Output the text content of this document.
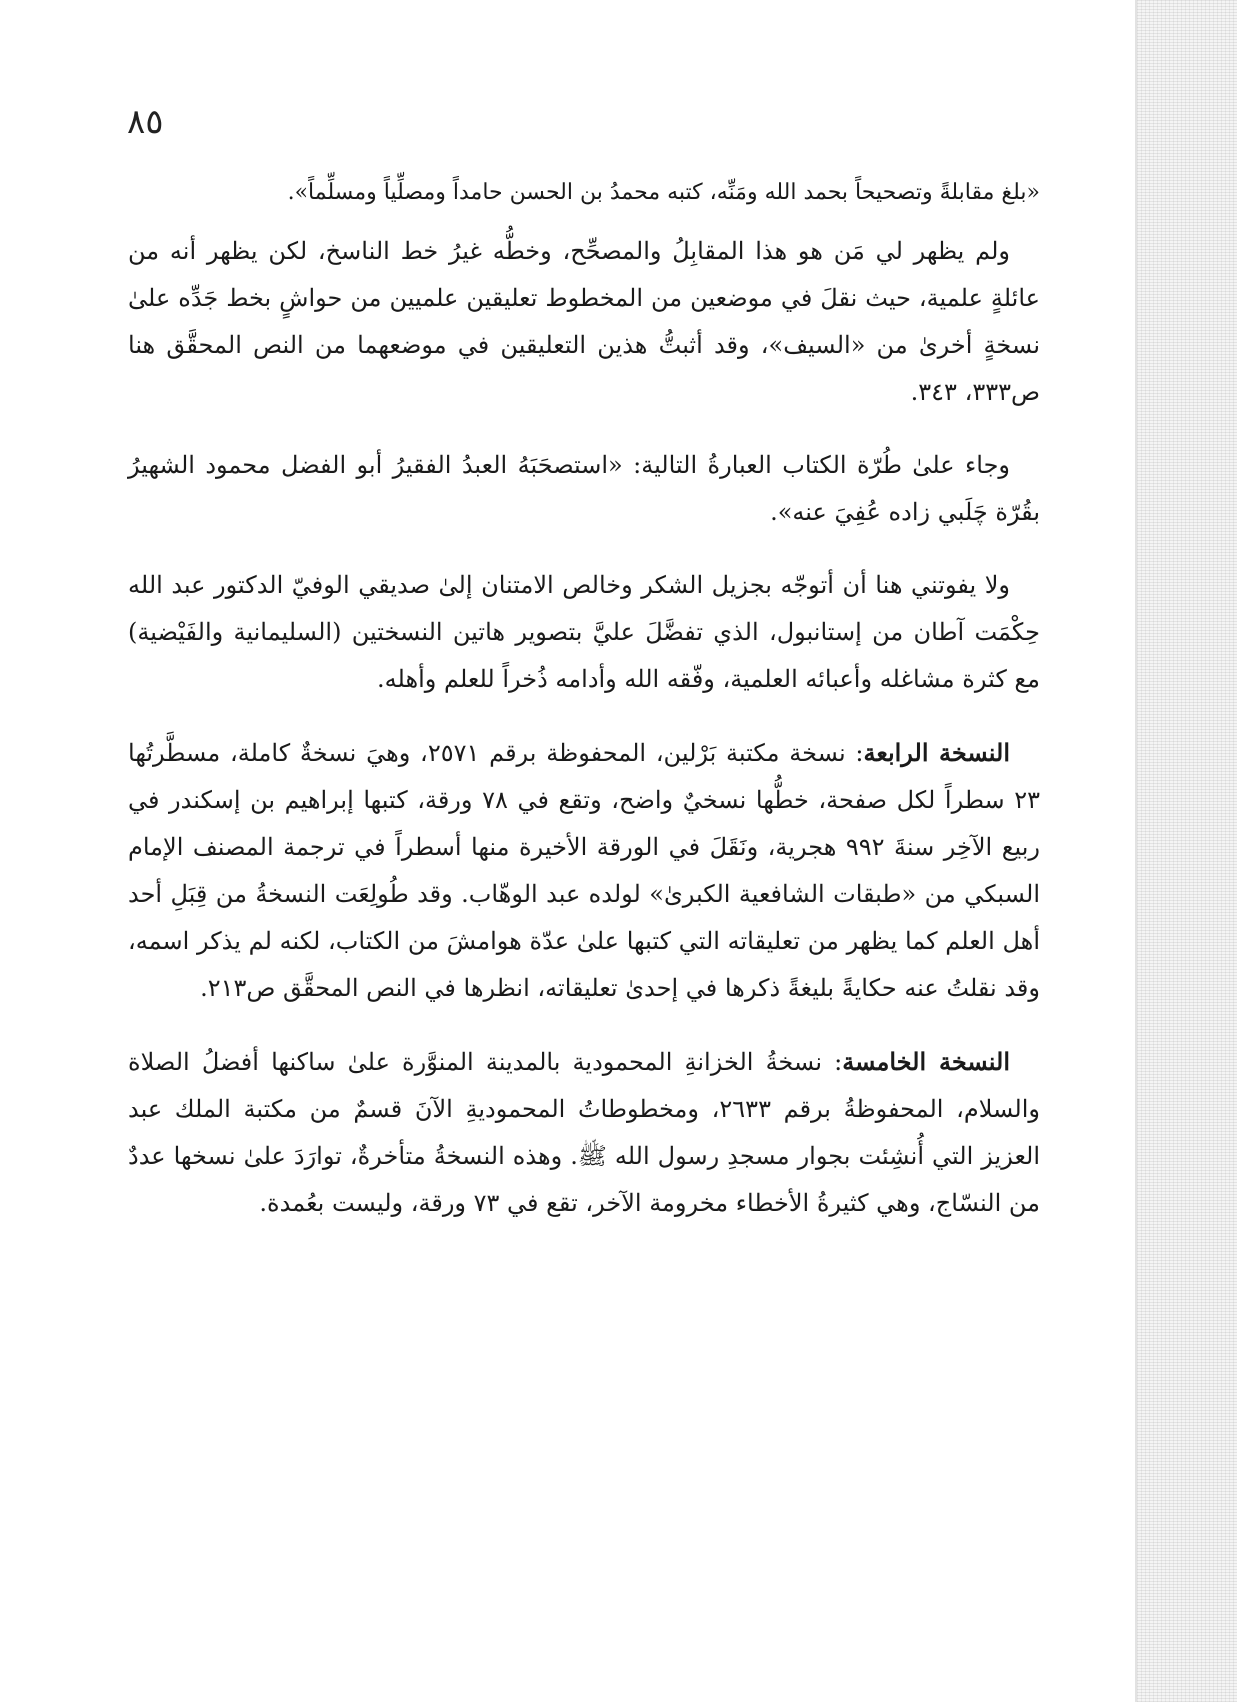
٨٥

«بلغ مقابلةً وتصحيحاً بحمد الله ومَنِّه، كتبه محمدُ بن الحسن حامداً ومصلِّياً ومسلِّماً».

ولم يظهر لي مَن هو هذا المقابِلُ والمصحِّح، وخطُّه غيرُ خط الناسخ، لكن يظهر أنه من عائلةٍ علمية، حيث نقلَ في موضعين من المخطوط تعليقين علميين من حواشٍ بخط جَدِّه علىٰ نسخةٍ أخرىٰ من «السيف»، وقد أثبتُّ هذين التعليقين في موضعهما من النص المحقَّق هنا ص٣٣٣، ٣٤٣.

وجاء علىٰ طُرّة الكتاب العبارةُ التالية: «استصحَبَهُ العبدُ الفقيرُ أبو الفضل محمود الشهيرُ بقُرّة چَلَبي زاده عُفِيَ عنه».

ولا يفوتني هنا أن أتوجّه بجزيل الشكر وخالص الامتنان إلىٰ صديقي الوفيّ الدكتور عبد الله حِكْمَت آطان من إستانبول، الذي تفضَّلَ عليَّ بتصوير هاتين النسختين (السليمانية والفَيْضية) مع كثرة مشاغله وأعبائه العلمية، وفّقه الله وأدامه ذُخراً للعلم وأهله.

النسخة الرابعة: نسخة مكتبة بَرْلين، المحفوظة برقم ٢٥٧١، وهيَ نسخةٌ كاملة، مسطَّرتُها ٢٣ سطراً لكل صفحة، خطُّها نسخيٌ واضح، وتقع في ٧٨ ورقة، كتبها إبراهيم بن إسكندر في ربيع الآخِر سنةَ ٩٩٢ هجرية، ونَقَلَ في الورقة الأخيرة منها أسطراً في ترجمة المصنف الإمام السبكي من «طبقات الشافعية الكبرىٰ» لولده عبد الوهّاب. وقد طُولِعَت النسخةُ من قِبَلِ أحد أهل العلم كما يظهر من تعليقاته التي كتبها علىٰ عدّة هوامشَ من الكتاب، لكنه لم يذكر اسمه، وقد نقلتُ عنه حكايةً بليغةً ذكرها في إحدىٰ تعليقاته، انظرها في النص المحقَّق ص٢١٣.

النسخة الخامسة: نسخةُ الخزانةِ المحمودية بالمدينة المنوَّرة علىٰ ساكنها أفضلُ الصلاة والسلام، المحفوظةُ برقم ٢٦٣٣، ومخطوطاتُ المحموديةِ الآنَ قسمٌ من مكتبة الملك عبد العزيز التي أُنشِئت بجوار مسجدِ رسول الله ﷺ. وهذه النسخةُ متأخرةٌ، توارَدَ علىٰ نسخها عددٌ من النسّاج، وهي كثيرةُ الأخطاء مخرومة الآخر، تقع في ٧٣ ورقة، وليست بعُمدة.
